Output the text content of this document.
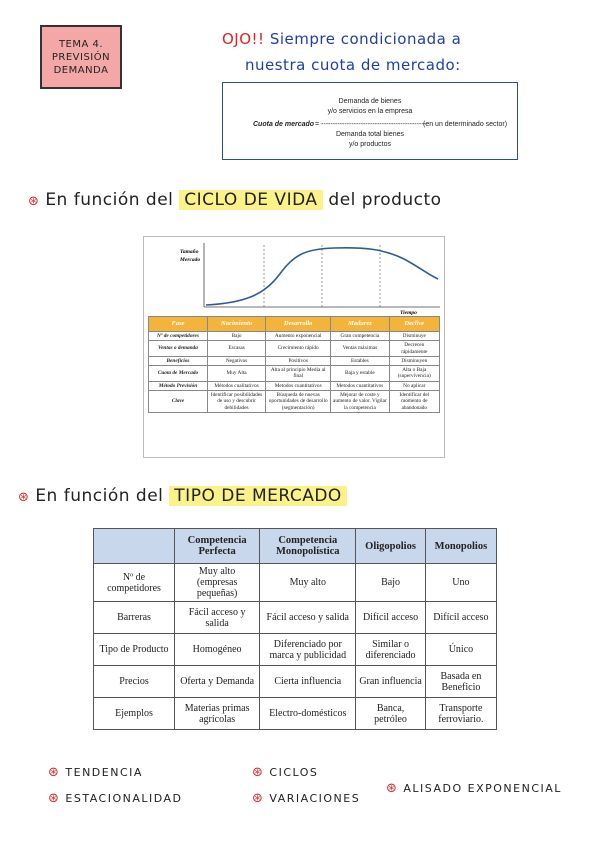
TEMA 4.
PREVISIÓN
DEMANDA
OJO!! Siempre condicionada a
nuestra cuota de mercado:
Demanda de bienes
y/o servicios en la empresa
Cuota de mercado = ----------------------------------------------
(en un determinado sector)
Demanda total bienes
y/o productos
⊛ En función del CICLO DE VIDA del producto
Tamaño
Mercado
Tiempo
Fase	Nacimiento	Desarrollo	Madurez	Declive
Nº de competidores	Bajo	Aumento exponencial	Gran competencia	Disminuye
Ventas o demanda	Escasas	Crecimiento rápido	Ventas máximas	Decrecen rápidamente
Beneficios	Negativos	Positivos	Estables	Disminuyen
Cuota de Mercado	Muy Alta	Alta al principio Media al final	Baja y estable	Alta o Baja (supervivencia)
Método Previsión	Métodos cualitativos	Metodos cuantitativos	Metodos cuantitativos	No aplicar
Clave	Identificar posibilidades de uso y descubrir debilidades	Búsqueda de nuevas oportunidades de desarrollo (segmentación)	Mejorar de coste y aumento de valor. Vigilar la competencia	Identificar del momento de abandonado
⊛ En función del TIPO DE MERCADO
	Competencia Perfecta	Competencia Monopolística	Oligopolios	Monopolios
Nº de competidores	Muy alto (empresas pequeñas)	Muy alto	Bajo	Uno
Barreras	Fácil acceso y salida	Fácil acceso y salida	Difícil acceso	Difícil acceso
Tipo de Producto	Homogéneo	Diferenciado por marca y publicidad	Similar o diferenciado	Único
Precios	Oferta y Demanda	Cierta influencia	Gran influencia	Basada en Beneficio
Ejemplos	Materias primas agrícolas	Electro-domésticos	Banca, petróleo	Transporte ferroviario.
⊛ TENDENCIA
⊛ ESTACIONALIDAD
⊛ CICLOS
⊛ VARIACIONES
⊛ ALISADO EXPONENCIAL
